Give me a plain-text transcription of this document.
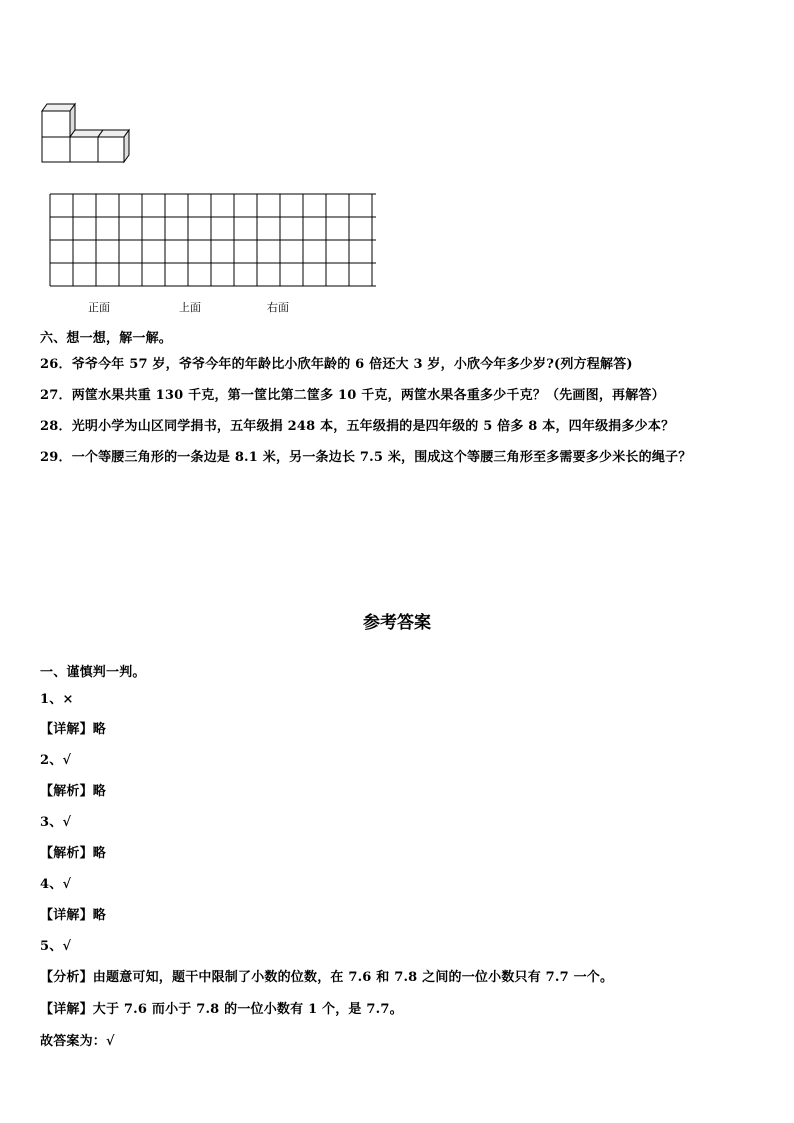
正面	上面	右面
六、想一想，解一解。
26．爷爷今年 57 岁，爷爷今年的年龄比小欣年龄的 6 倍还大 3 岁，小欣今年多少岁?(列方程解答)
27．两筐水果共重 130 千克，第一筐比第二筐多 10 千克，两筐水果各重多少千克？（先画图，再解答）
28．光明小学为山区同学捐书，五年级捐 248 本，五年级捐的是四年级的 5 倍多 8 本，四年级捐多少本？
29．一个等腰三角形的一条边是 8.1 米，另一条边长 7.5 米，围成这个等腰三角形至多需要多少米长的绳子？
参考答案
一、谨慎判一判。
1、×
【详解】略
2、√
【解析】略
3、√
【解析】略
4、√
【详解】略
5、√
【分析】由题意可知，题干中限制了小数的位数，在 7.6 和 7.8 之间的一位小数只有 7.7 一个。
【详解】大于 7.6 而小于 7.8 的一位小数有 1 个，是 7.7。
故答案为：√
